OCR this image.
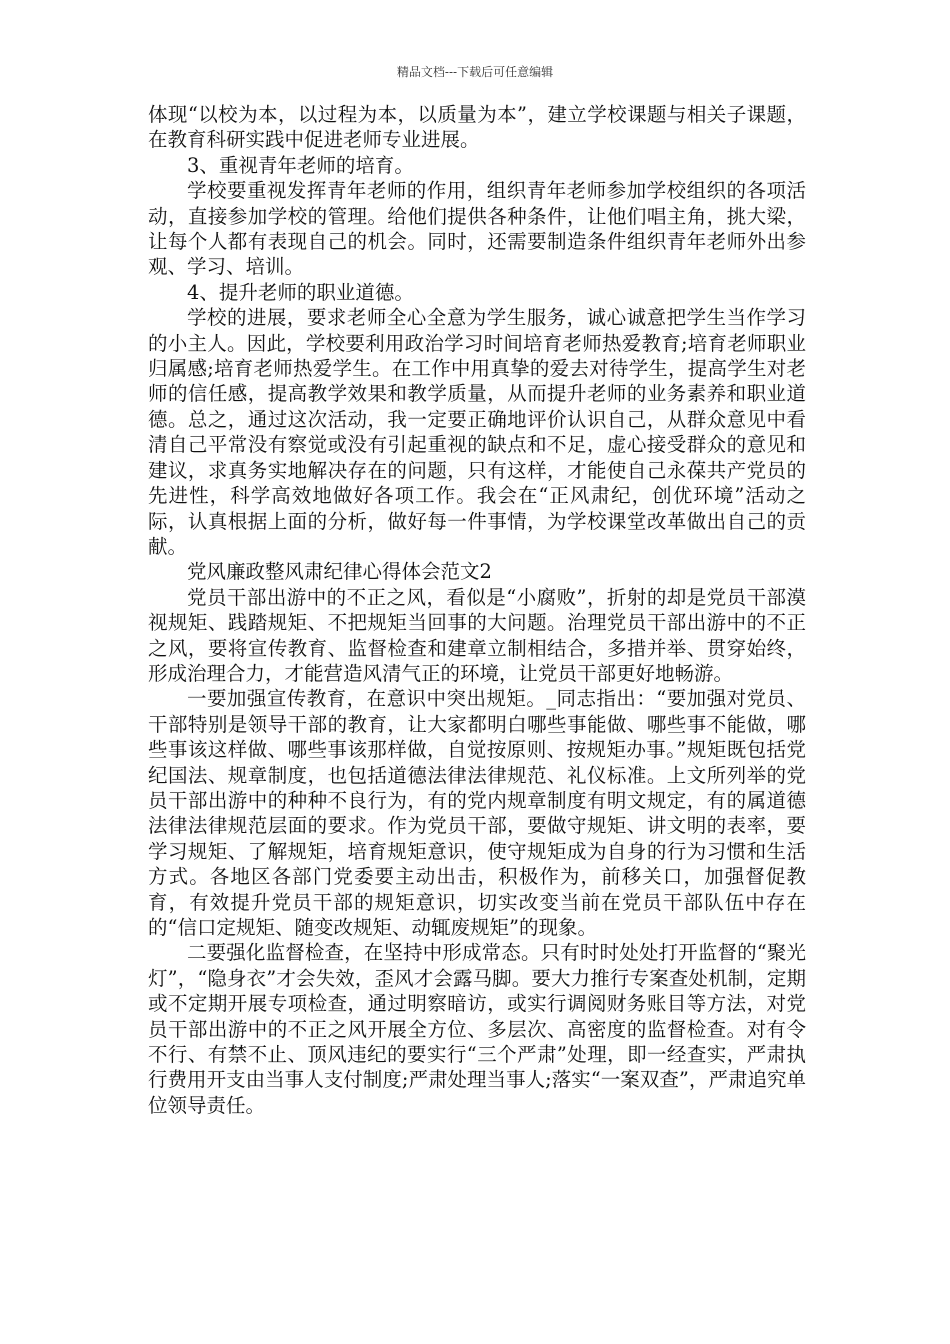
精品文档---下载后可任意编辑

体现“以校为本，以过程为本，以质量为本”，建立学校课题与相关子课题，在教育科研实践中促进老师专业进展。

3、重视青年老师的培育。

学校要重视发挥青年老师的作用，组织青年老师参加学校组织的各项活动，直接参加学校的管理。给他们提供各种条件，让他们唱主角，挑大梁，让每个人都有表现自己的机会。同时，还需要制造条件组织青年老师外出参观、学习、培训。

4、提升老师的职业道德。

学校的进展，要求老师全心全意为学生服务，诚心诚意把学生当作学习的小主人。因此，学校要利用政治学习时间培育老师热爱教育;培育老师职业归属感;培育老师热爱学生。在工作中用真挚的爱去对待学生，提高学生对老师的信任感，提高教学效果和教学质量，从而提升老师的业务素养和职业道德。总之，通过这次活动，我一定要正确地评价认识自己，从群众意见中看清自己平常没有察觉或没有引起重视的缺点和不足，虚心接受群众的意见和建议，求真务实地解决存在的问题，只有这样，才能使自己永葆共产党员的先进性，科学高效地做好各项工作。我会在“正风肃纪，创优环境”活动之际，认真根据上面的分析，做好每一件事情，为学校课堂改革做出自己的贡献。

党风廉政整风肃纪律心得体会范文2

党员干部出游中的不正之风，看似是“小腐败”，折射的却是党员干部漠视规矩、践踏规矩、不把规矩当回事的大问题。治理党员干部出游中的不正之风，要将宣传教育、监督检查和建章立制相结合，多措并举、贯穿始终，形成治理合力，才能营造风清气正的环境，让党员干部更好地畅游。

一要加强宣传教育，在意识中突出规矩。_同志指出：“要加强对党员、干部特别是领导干部的教育，让大家都明白哪些事能做、哪些事不能做，哪些事该这样做、哪些事该那样做，自觉按原则、按规矩办事。”规矩既包括党纪国法、规章制度，也包括道德法律法律规范、礼仪标准。上文所列举的党员干部出游中的种种不良行为，有的党内规章制度有明文规定，有的属道德法律法律规范层面的要求。作为党员干部，要做守规矩、讲文明的表率，要学习规矩、了解规矩，培育规矩意识，使守规矩成为自身的行为习惯和生活方式。各地区各部门党委要主动出击，积极作为，前移关口，加强督促教育，有效提升党员干部的规矩意识，切实改变当前在党员干部队伍中存在的“信口定规矩、随变改规矩、动辄废规矩”的现象。

二要强化监督检查，在坚持中形成常态。只有时时处处打开监督的“聚光灯”，“隐身衣”才会失效，歪风才会露马脚。要大力推行专案查处机制，定期或不定期开展专项检查，通过明察暗访，或实行调阅财务账目等方法，对党员干部出游中的不正之风开展全方位、多层次、高密度的监督检查。对有令不行、有禁不止、顶风违纪的要实行“三个严肃”处理，即一经查实，严肃执行费用开支由当事人支付制度;严肃处理当事人;落实“一案双查”，严肃追究单位领导责任。
